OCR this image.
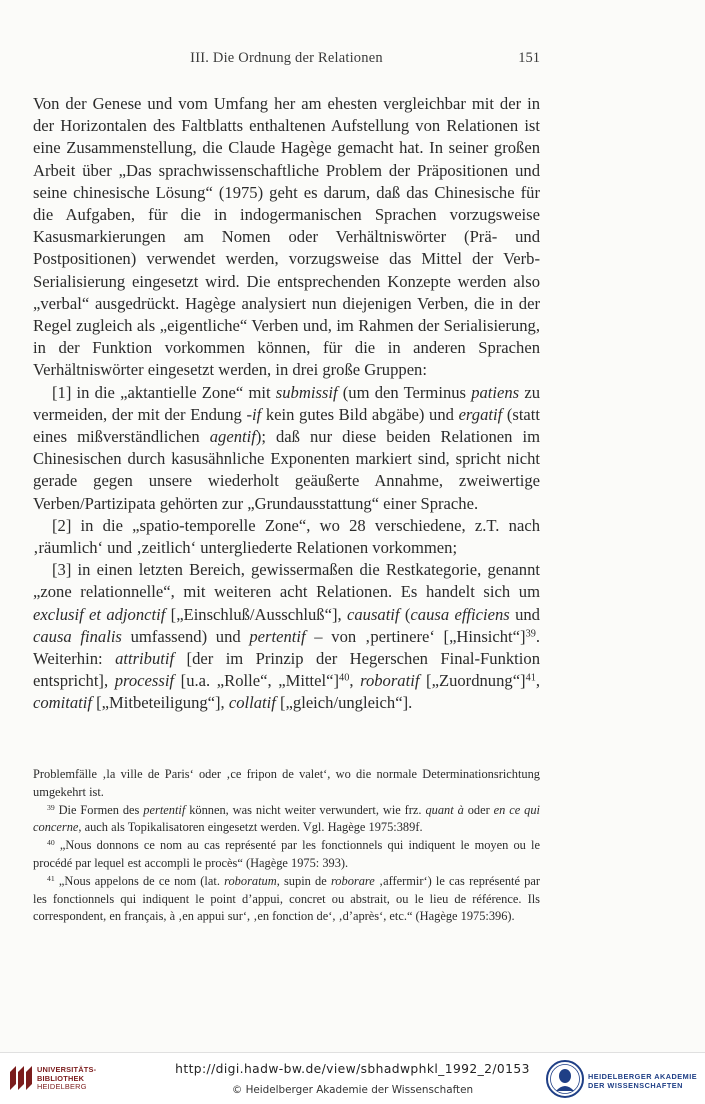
III. Die Ordnung der Relationen	151

Von der Genese und vom Umfang her am ehesten vergleichbar mit der in der Horizontalen des Faltblatts enthaltenen Aufstellung von Relationen ist eine Zusammenstellung, die Claude Hagège gemacht hat. In seiner großen Arbeit über „Das sprachwissenschaftliche Problem der Präpositionen und seine chinesische Lösung“ (1975) geht es darum, daß das Chinesische für die Aufgaben, für die in indogermanischen Sprachen vorzugsweise Kasusmarkierungen am Nomen oder Verhältniswörter (Prä- und Postpositionen) verwendet werden, vorzugsweise das Mittel der Verb-Serialisierung eingesetzt wird. Die entsprechenden Konzepte werden also „verbal“ ausgedrückt. Hagège analysiert nun diejenigen Verben, die in der Regel zugleich als „eigentliche“ Verben und, im Rahmen der Serialisierung, in der Funktion vorkommen können, für die in anderen Sprachen Verhältniswörter eingesetzt werden, in drei große Gruppen:

[1] in die „aktantielle Zone“ mit submissif (um den Terminus patiens zu vermeiden, der mit der Endung -if kein gutes Bild abgäbe) und ergatif (statt eines mißverständlichen agentif); daß nur diese beiden Relationen im Chinesischen durch kasusähnliche Exponenten markiert sind, spricht nicht gerade gegen unsere wiederholt geäußerte Annahme, zweiwertige Verben/Partizipata gehörten zur „Grundausstattung“ einer Sprache.

[2] in die „spatio-temporelle Zone“, wo 28 verschiedene, z.T. nach ‚räumlich‘ und ‚zeitlich‘ untergliederte Relationen vorkommen;

[3] in einen letzten Bereich, gewissermaßen die Restkategorie, genannt „zone relationnelle“, mit weiteren acht Relationen. Es handelt sich um exclusif et adjonctif [„Einschluß/Ausschluß“], causatif (causa efficiens und causa finalis umfassend) und pertentif – von ‚pertinere‘ [„Hinsicht“]$^{39}$. Weiterhin: attributif [der im Prinzip der Hegerschen Final-Funktion entspricht], processif [u.a. „Rolle“, „Mittel“]$^{40}$, roboratif [„Zuordnung“]$^{41}$, comitatif [„Mitbeteiligung“], collatif [„gleich/ungleich“].

Problemfälle ‚la ville de Paris‘ oder ‚ce fripon de valet‘, wo die normale Determinationsrichtung umgekehrt ist.

$^{39}$ Die Formen des pertentif können, was nicht weiter verwundert, wie frz. quant à oder en ce qui concerne, auch als Topikalisatoren eingesetzt werden. Vgl. Hagège 1975:389f.

$^{40}$ „Nous donnons ce nom au cas représenté par les fonctionnels qui indiquent le moyen ou le procédé par lequel est accompli le procès“ (Hagège 1975: 393).

$^{41}$ „Nous appelons de ce nom (lat. roboratum, supin de roborare ‚affermir‘) le cas représenté par les fonctionnels qui indiquent le point d’appui, concret ou abstrait, ou le lieu de référence. Ils correspondent, en français, à ‚en appui sur‘, ‚en fonction de‘, ‚d’après‘, etc.“ (Hagège 1975:396).

UNIVERSITÄTS-
BIBLIOTHEK
HEIDELBERG
http://digi.hadw-bw.de/view/sbhadwphkl_1992_2/0153
© Heidelberger Akademie der Wissenschaften
HEIDELBERGER AKADEMIE
DER WISSENSCHAFTEN
